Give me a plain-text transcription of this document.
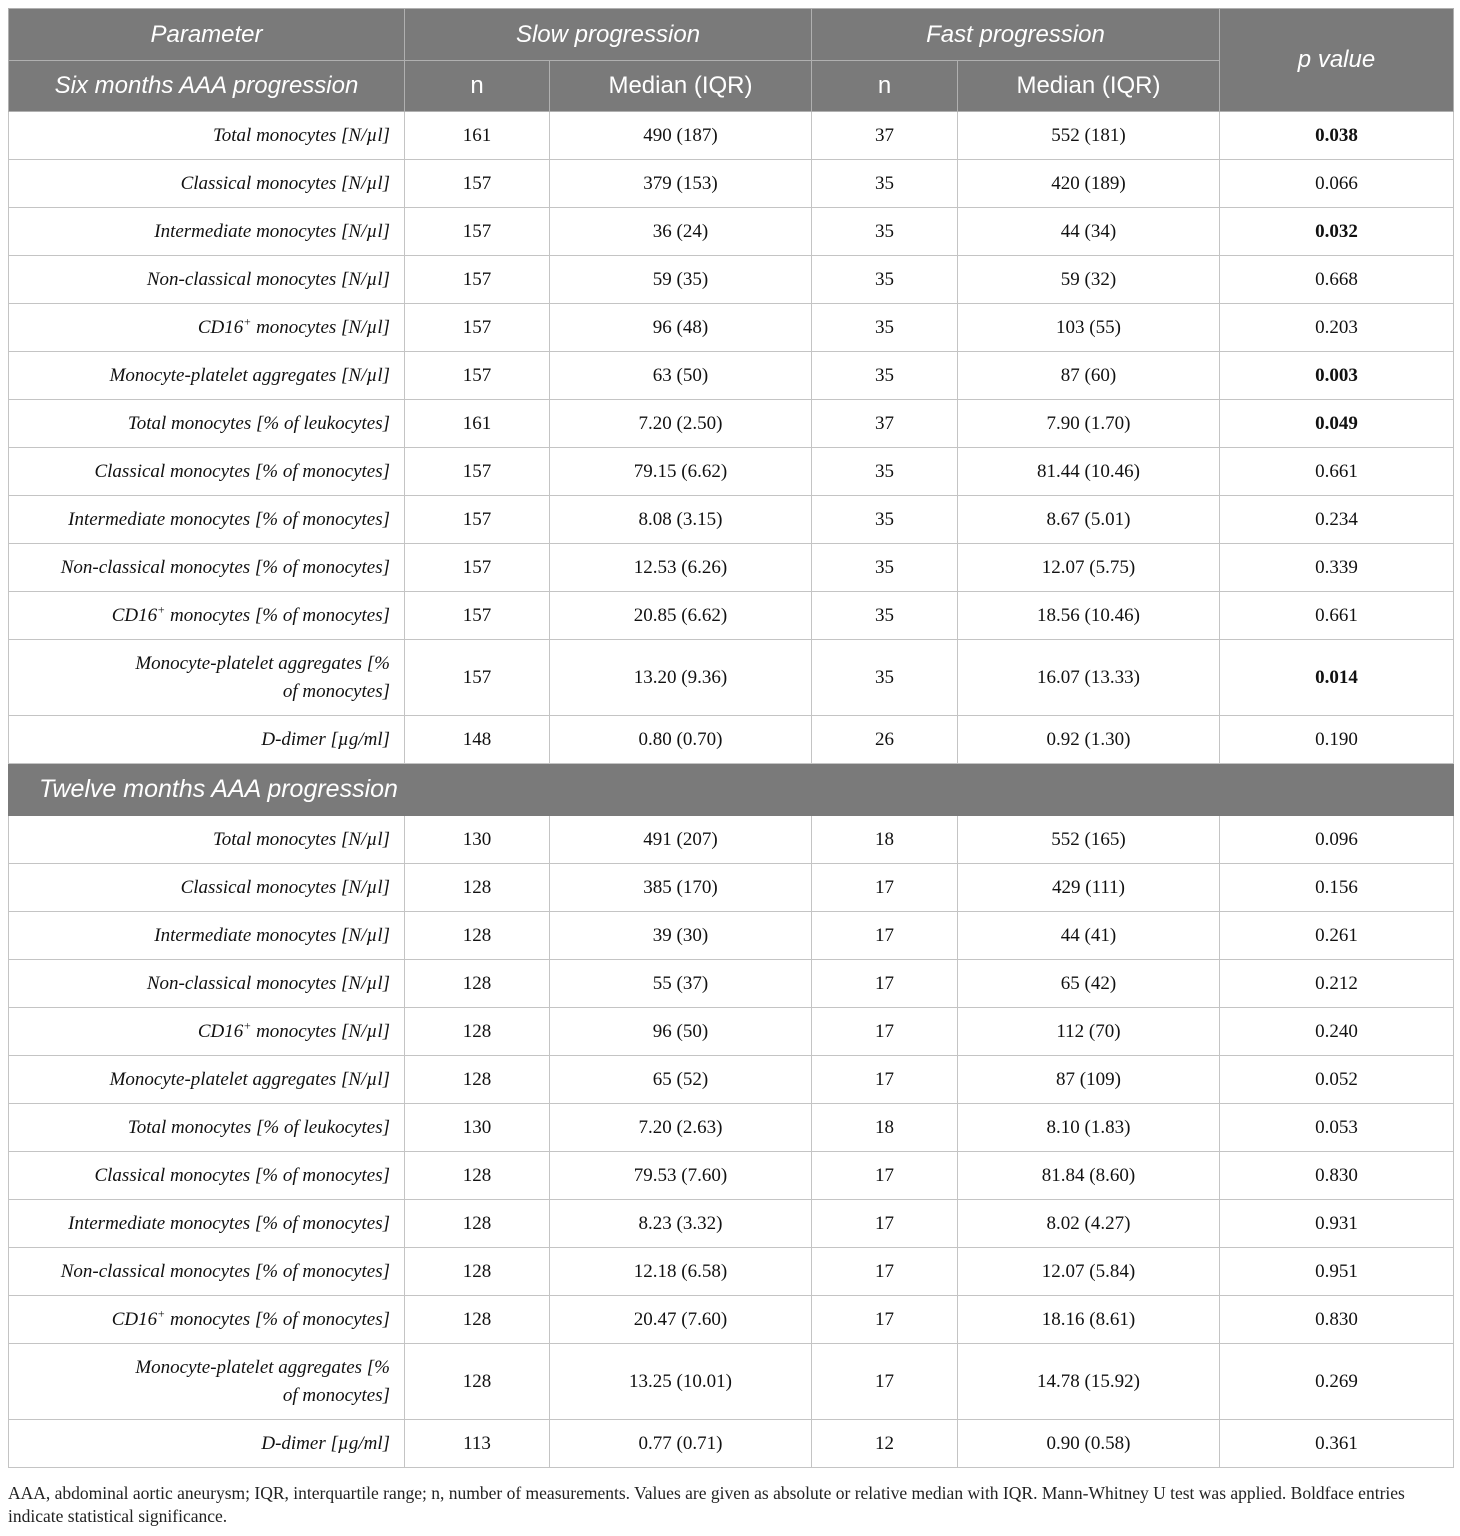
Parameter	Slow progression		Fast progression		p value
Six months AAA progression	n	Median (IQR)	n	Median (IQR)	
Total monocytes [N/µl]	161	490 (187)	37	552 (181)	0.038
Classical monocytes [N/µl]	157	379 (153)	35	420 (189)	0.066
Intermediate monocytes [N/µl]	157	36 (24)	35	44 (34)	0.032
Non-classical monocytes [N/µl]	157	59 (35)	35	59 (32)	0.668
CD16+ monocytes [N/µl]	157	96 (48)	35	103 (55)	0.203
Monocyte-platelet aggregates [N/µl]	157	63 (50)	35	87 (60)	0.003
Total monocytes [% of leukocytes]	161	7.20 (2.50)	37	7.90 (1.70)	0.049
Classical monocytes [% of monocytes]	157	79.15 (6.62)	35	81.44 (10.46)	0.661
Intermediate monocytes [% of monocytes]	157	8.08 (3.15)	35	8.67 (5.01)	0.234
Non-classical monocytes [% of monocytes]	157	12.53 (6.26)	35	12.07 (5.75)	0.339
CD16+ monocytes [% of monocytes]	157	20.85 (6.62)	35	18.56 (10.46)	0.661
Monocyte-platelet aggregates [%
of monocytes]	157	13.20 (9.36)	35	16.07 (13.33)	0.014
D-dimer [µg/ml]	148	0.80 (0.70)	26	0.92 (1.30)	0.190
Twelve months AAA progression					
Total monocytes [N/µl]	130	491 (207)	18	552 (165)	0.096
Classical monocytes [N/µl]	128	385 (170)	17	429 (111)	0.156
Intermediate monocytes [N/µl]	128	39 (30)	17	44 (41)	0.261
Non-classical monocytes [N/µl]	128	55 (37)	17	65 (42)	0.212
CD16+ monocytes [N/µl]	128	96 (50)	17	112 (70)	0.240
Monocyte-platelet aggregates [N/µl]	128	65 (52)	17	87 (109)	0.052
Total monocytes [% of leukocytes]	130	7.20 (2.63)	18	8.10 (1.83)	0.053
Classical monocytes [% of monocytes]	128	79.53 (7.60)	17	81.84 (8.60)	0.830
Intermediate monocytes [% of monocytes]	128	8.23 (3.32)	17	8.02 (4.27)	0.931
Non-classical monocytes [% of monocytes]	128	12.18 (6.58)	17	12.07 (5.84)	0.951
CD16+ monocytes [% of monocytes]	128	20.47 (7.60)	17	18.16 (8.61)	0.830
Monocyte-platelet aggregates [%
of monocytes]	128	13.25 (10.01)	17	14.78 (15.92)	0.269
D-dimer [µg/ml]	113	0.77 (0.71)	12	0.90 (0.58)	0.361
AAA, abdominal aortic aneurysm; IQR, interquartile range; n, number of measurements. Values are given as absolute or relative median with IQR. Mann-Whitney U test was applied. Boldface entries indicate statistical significance.
